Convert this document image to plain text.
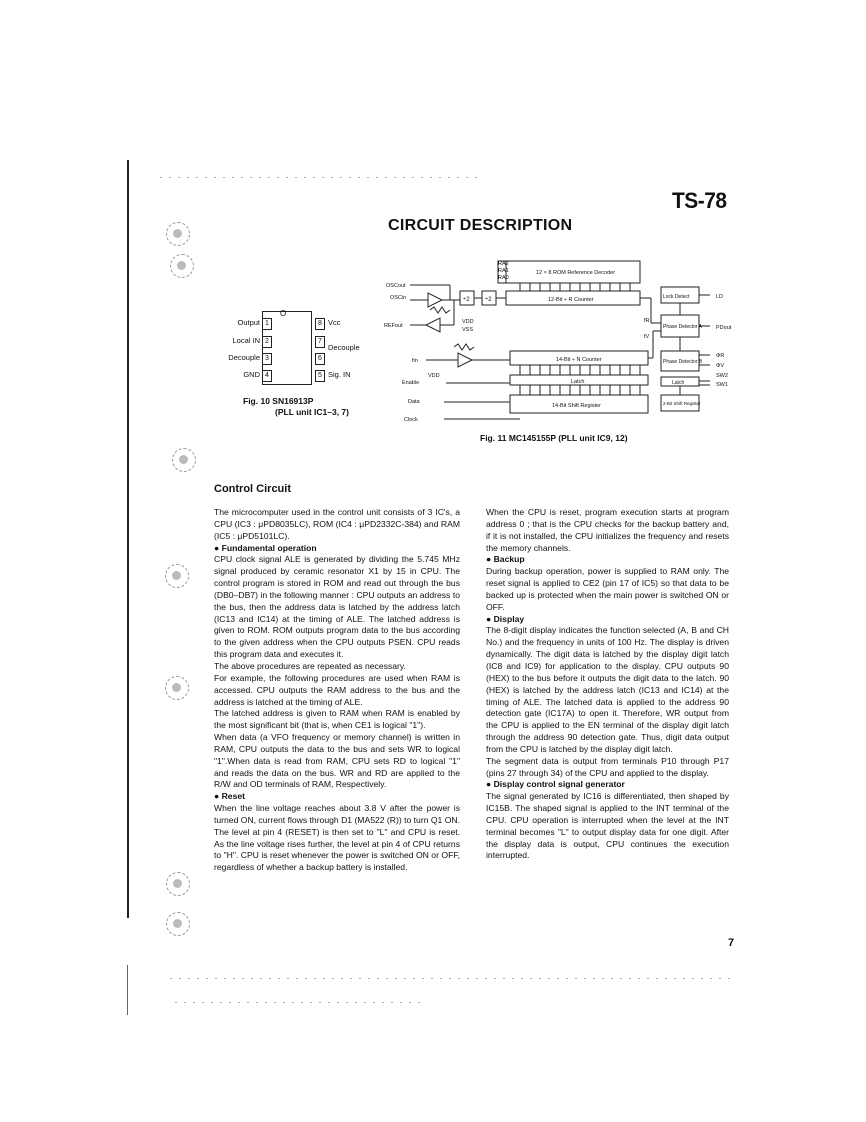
TS-78
CIRCUIT DESCRIPTION
O
Output
Local IN
Decouple
GND
1
2
3
4
8
7
6
5
Vcc
Decouple
Sig. IN
Fig. 10 SN16913P
(PLL unit IC1–3, 7)
12 × 8 ROM Reference Decoder
12-Bit ÷ R Counter
÷2	÷2
14-Bit ÷ N Counter
Latch
14-Bit Shift Register
Lock Detect
Phase Detector A
Phase Detector B
Latch
2-Bit Shift Register
RA2
RA1
RA0
OSCout
OSCin
REFout
VDD
VSS
fin
VDD
Enable
Data
Clock
LD
PDout
ΦR
ΦV
SW2
SW1
fR
fV
Fig. 11 MC145155P (PLL unit IC9, 12)
Control Circuit

The microcomputer used in the control unit consists of 3 IC's, a CPU (IC3 : μPD8035LC), ROM (IC4 : μPD2332C-384) and RAM (IC5 : μPD5101LC).

● Fundamental operation

CPU clock signal ALE is generated by dividing the 5.745 MHz signal produced by ceramic resonator X1 by 15 in CPU. The control program is stored in ROM and read out through the bus (DB0–DB7) in the following manner : CPU outputs an address to the bus, then the address data is latched by the address latch (IC13 and IC14) at the timing of ALE. The latched address is given to ROM. ROM outputs program data to the bus according to the given address when the CPU outputs PSEN. CPU reads this program data and executes it.

The above procedures are repeated as necessary.

For example, the following procedures are used when RAM is accessed. CPU outputs the RAM address to the bus and the address is latched at the timing of ALE.

The latched address is given to RAM when RAM is enabled by the most significant bit (that is, when CE1 is logical "1").

When data (a VFO frequency or memory channel) is written in RAM, CPU outputs the data to the bus and sets WR to logical "1".When data is read from RAM, CPU sets RD to logical "1" and reads the data on the bus. WR and RD are applied to the R/W and OD terminals of RAM, Respectively.

● Reset

When the line voltage reaches about 3.8 V after the power is turned ON, current flows through D1 (MA522 (R)) to turn Q1 ON. The level at pin 4 (RESET) is then set to "L" and CPU is reset. As the line voltage rises further, the level at pin 4 of CPU returns to "H". CPU is reset whenever the power is switched ON or OFF, regardless of whether a backup battery is installed.

When the CPU is reset, program execution starts at program address 0 ; that is the CPU checks for the backup battery and, if it is not installed, the CPU initializes the frequency and resets the memory channels.

● Backup

During backup operation, power is supplied to RAM only. The reset signal is applied to CE2 (pin 17 of IC5) so that data to be backed up is protected when the main power is switched ON or OFF.

● Display

The 8-digit display indicates the function selected (A, B and CH No.) and the frequency in units of 100 Hz. The display is driven dynamically. The digit data is latched by the display digit latch (IC8 and IC9) for application to the display. CPU outputs 90 (HEX) to the bus before it outputs the digit data to the latch. 90 (HEX) is latched by the address latch (IC13 and IC14) at the timing of ALE. The latched data is applied to the address 90 detection gate (IC17A) to open it. Therefore, WR output from the CPU is applied to the EN terminal of the display digit latch through the address 90 detection gate. Thus, digit data output from the CPU is latched by the display digit latch.

The segment data is output from terminals P10 through P17 (pins 27 through 34) of the CPU and applied to the display.

● Display control signal generator

The signal generated by IC16 is differentiated, then shaped by IC15B. The shaped signal is applied to the INT terminal of the CPU. CPU operation is interrupted when the level at the INT terminal becomes "L" to output display data for one digit. After the display data is output, CPU continues the execution interrupted.

7
